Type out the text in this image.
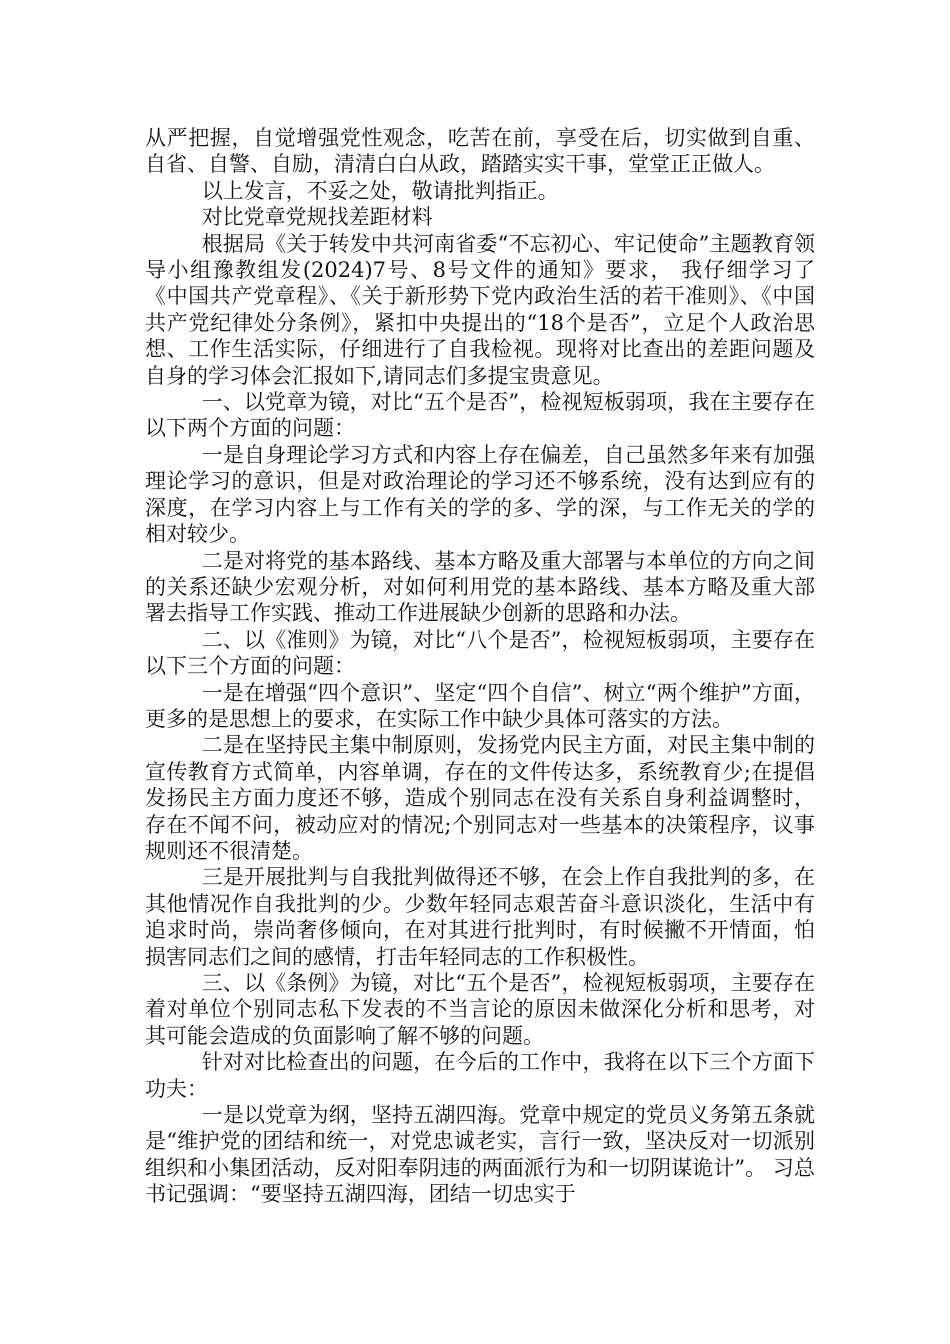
从严把握，自觉增强党性观念，吃苦在前，享受在后，切实做到自重、自省、自警、自励，清清白白从政，踏踏实实干事，堂堂正正做人。

以上发言，不妥之处，敬请批判指正。

对比党章党规找差距材料

根据局《关于转发中共河南省委“不忘初心、牢记使命”主题教育领导小组豫教组发(2024)7号、8号文件的通知》要求， 我仔细学习了《中国共产党章程》、《关于新形势下党内政治生活的若干准则》、《中国共产党纪律处分条例》，紧扣中央提出的“18个是否”，立足个人政治思想、工作生活实际，仔细进行了自我检视。现将对比查出的差距问题及自身的学习体会汇报如下,请同志们多提宝贵意见。

一、以党章为镜，对比“五个是否”，检视短板弱项，我在主要存在以下两个方面的问题：

一是自身理论学习方式和内容上存在偏差，自己虽然多年来有加强理论学习的意识，但是对政治理论的学习还不够系统，没有达到应有的深度，在学习内容上与工作有关的学的多、学的深，与工作无关的学的相对较少。

二是对将党的基本路线、基本方略及重大部署与本单位的方向之间的关系还缺少宏观分析，对如何利用党的基本路线、基本方略及重大部署去指导工作实践、推动工作进展缺少创新的思路和办法。

二、以《准则》为镜，对比“八个是否”，检视短板弱项，主要存在以下三个方面的问题：

一是在增强“四个意识”、坚定“四个自信”、树立“两个维护”方面，更多的是思想上的要求，在实际工作中缺少具体可落实的方法。

二是在坚持民主集中制原则，发扬党内民主方面，对民主集中制的宣传教育方式简单，内容单调，存在的文件传达多，系统教育少;在提倡发扬民主方面力度还不够，造成个别同志在没有关系自身利益调整时，存在不闻不问，被动应对的情况;个别同志对一些基本的决策程序，议事规则还不很清楚。

三是开展批判与自我批判做得还不够，在会上作自我批判的多，在其他情况作自我批判的少。少数年轻同志艰苦奋斗意识淡化，生活中有追求时尚，崇尚奢侈倾向，在对其进行批判时，有时候撇不开情面，怕损害同志们之间的感情，打击年轻同志的工作积极性。

三、以《条例》为镜，对比“五个是否”，检视短板弱项，主要存在着对单位个别同志私下发表的不当言论的原因未做深化分析和思考，对其可能会造成的负面影响了解不够的问题。

针对对比检查出的问题，在今后的工作中，我将在以下三个方面下功夫：

一是以党章为纲，坚持五湖四海。党章中规定的党员义务第五条就是“维护党的团结和统一，对党忠诚老实，言行一致，坚决反对一切派别组织和小集团活动，反对阳奉阴违的两面派行为和一切阴谋诡计”。 习总书记强调：“要坚持五湖四海，团结一切忠实于
